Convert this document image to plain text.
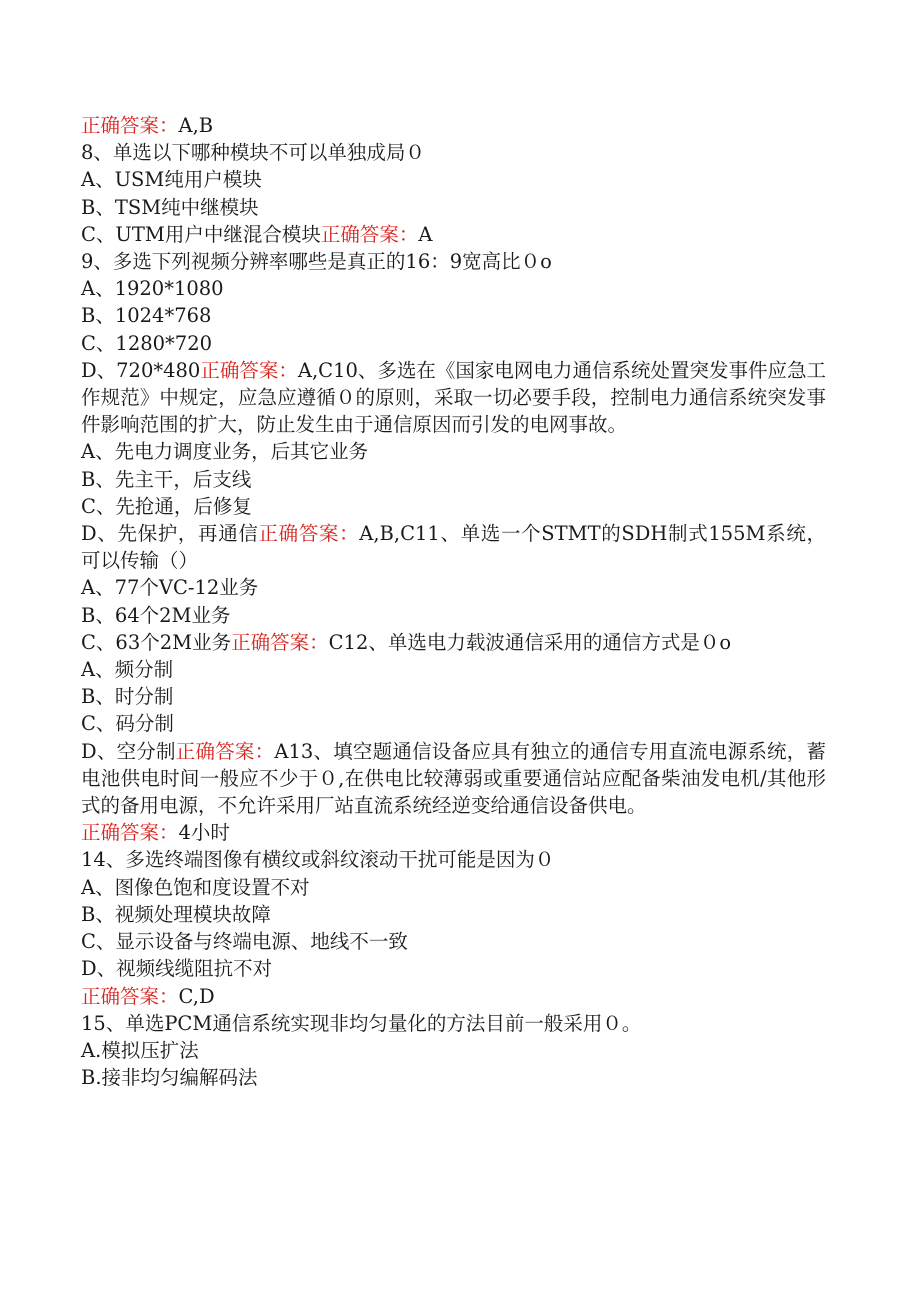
正确答案：A,B
8、单选以下哪种模块不可以单独成局０
A、USM纯用户模块
B、TSM纯中继模块
C、UTM用户中继混合模块正确答案：A
9、多选下列视频分辨率哪些是真正的16：9宽高比０o
A、1920*1080
B、1024*768
C、1280*720
D、720*480正确答案：A,C10、多选在《国家电网电力通信系统处置突发事件应急工作规范》中规定，应急应遵循０的原则，采取一切必要手段，控制电力通信系统突发事件影响范围的扩大，防止发生由于通信原因而引发的电网事故。
A、先电力调度业务，后其它业务
B、先主干，后支线
C、先抢通，后修复
D、先保护，再通信正确答案：A,B,C11、单选一个STMT的SDH制式155M系统，可以传输（）
A、77个VC-12业务
B、64个2M业务
C、63个2M业务正确答案：C12、单选电力载波通信采用的通信方式是０o
A、频分制
B、时分制
C、码分制
D、空分制正确答案：A13、填空题通信设备应具有独立的通信专用直流电源系统，蓄电池供电时间一般应不少于０,在供电比较薄弱或重要通信站应配备柴油发电机/其他形式的备用电源，不允许采用厂站直流系统经逆变给通信设备供电。
正确答案：4小时
14、多选终端图像有横纹或斜纹滚动干扰可能是因为０
A、图像色饱和度设置不对
B、视频处理模块故障
C、显示设备与终端电源、地线不一致
D、视频线缆阻抗不对
正确答案：C,D
15、单选PCM通信系统实现非均匀量化的方法目前一般采用０。
A.模拟压扩法
B.接非均匀编解码法
